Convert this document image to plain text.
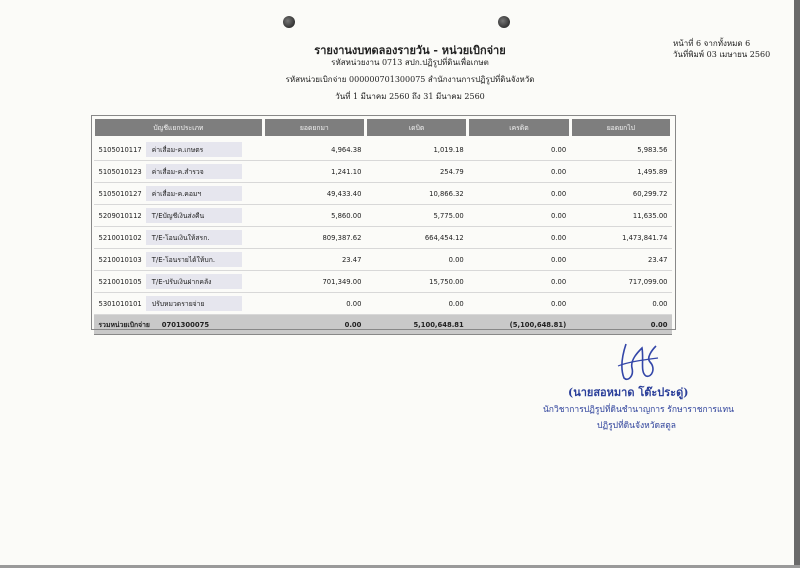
รายงานงบทดลองรายวัน - หน่วยเบิกจ่าย
รหัสหน่วยงาน 0713 สปก.ปฏิรูปที่ดินเพื่อเกษต
รหัสหน่วยเบิกจ่าย 000000701300075 สำนักงานการปฏิรูปที่ดินจังหวัด
วันที่ 1 มีนาคม 2560 ถึง 31 มีนาคม 2560
หน้าที่ 6 จากทั้งหมด 6
วันที่พิมพ์ 03 เมษายน 2560
บัญชีแยกประเภท	ยอดยกมา	เดบิต	เครดิต	ยอดยกไป
5105010117 ค่าเสื่อม-ค.เกษตร	4,964.38	1,019.18	0.00	5,983.56
5105010123 ค่าเสื่อม-ค.สำรวจ	1,241.10	254.79	0.00	1,495.89
5105010127 ค่าเสื่อม-ค.คอมฯ	49,433.40	10,866.32	0.00	60,299.72
5209010112 T/Eบัญชีเงินส่งคืน	5,860.00	5,775.00	0.00	11,635.00
5210010102 T/E-โอนเงินให้สรก.	809,387.62	664,454.12	0.00	1,473,841.74
5210010103 T/E-โอนรายได้ให้บก.	23.47	0.00	0.00	23.47
5210010105 T/E-ปรับเงินฝากคลัง	701,349.00	15,750.00	0.00	717,099.00
5301010101 ปรับหมวดรายจ่าย	0.00	0.00	0.00	0.00
รวมหน่วยเบิกจ่าย 0701300075	0.00	5,100,648.81	(5,100,648.81)	0.00
(นายสอหมาด โต๊ะประดู่)
นักวิชาการปฏิรูปที่ดินชำนาญการ รักษาราชการแทน
ปฏิรูปที่ดินจังหวัดสตูล
